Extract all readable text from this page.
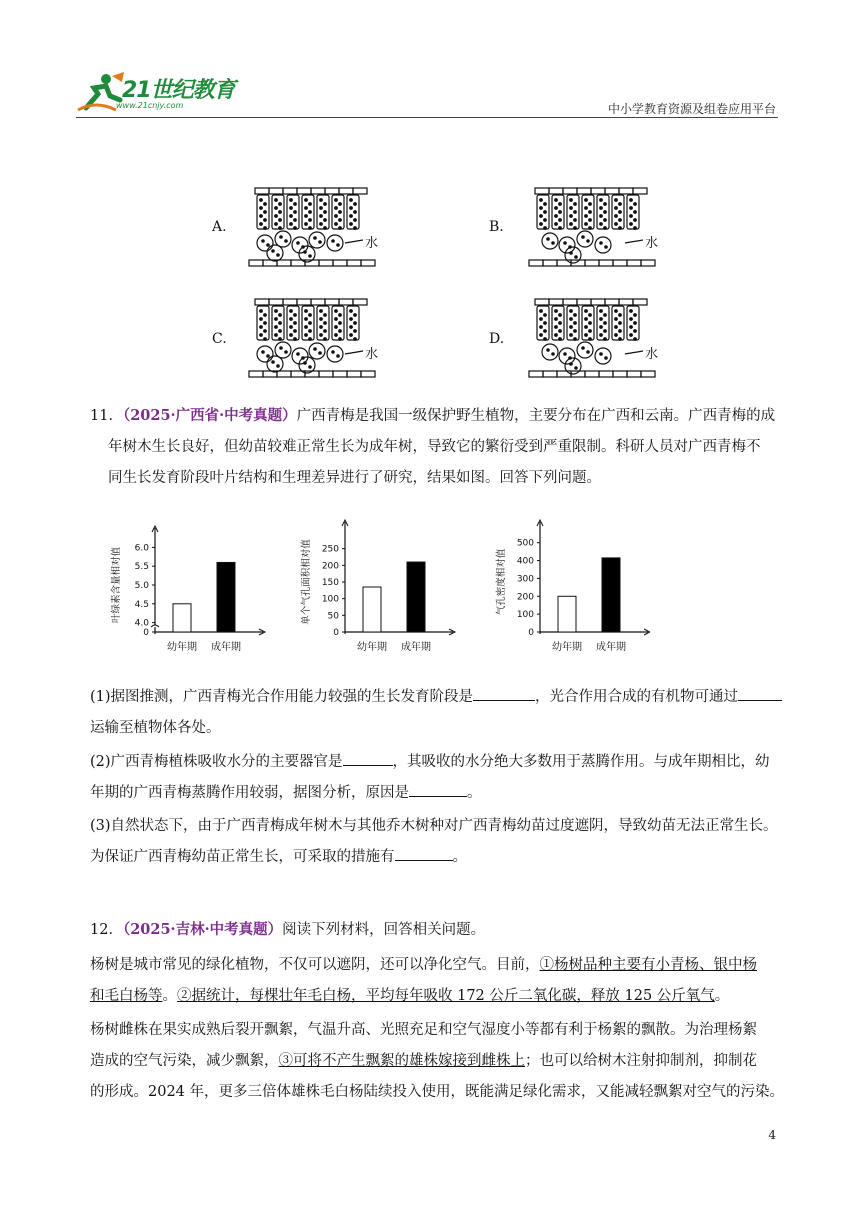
21世纪教育
www.21cnjy.com	中小学教育资源及组卷应用平台
A.	B.
C.	D.
水	水
水	水
11．（2025·广西省·中考真题）广西青梅是我国一级保护野生植物，主要分布在广西和云南。广西青梅的成
年树木生长良好，但幼苗较难正常生长为成年树，导致它的繁衍受到严重限制。科研人员对广西青梅不
同生长发育阶段叶片结构和生理差异进行了研究，结果如图。回答下列问题。
0
4.0
4.5
5.0
5.5
6.0
叶绿素含量相对值
幼年期 成年期
0
50
100
150
200
250
单个气孔面积相对值
幼年期 成年期
0
100
200
300
400
500
气孔密度相对值
幼年期 成年期
(1)据图推测，广西青梅光合作用能力较强的生长发育阶段是	，光合作用合成的有机物可通过
运输至植物体各处。
(2)广西青梅植株吸收水分的主要器官是	，其吸收的水分绝大多数用于蒸腾作用。与成年期相比，幼
年期的广西青梅蒸腾作用较弱，据图分析，原因是	。
(3)自然状态下，由于广西青梅成年树木与其他乔木树种对广西青梅幼苗过度遮阴，导致幼苗无法正常生长。
为保证广西青梅幼苗正常生长，可采取的措施有	。
12．（2025·吉林·中考真题）阅读下列材料，回答相关问题。
杨树是城市常见的绿化植物，不仅可以遮阴，还可以净化空气。目前，①杨树品种主要有小青杨、银中杨
和毛白杨等。②据统计，每棵壮年毛白杨，平均每年吸收 172 公斤二氧化碳，释放 125 公斤氧气。
杨树雌株在果实成熟后裂开飘絮，气温升高、光照充足和空气湿度小等都有利于杨絮的飘散。为治理杨絮
造成的空气污染，减少飘絮，③可将不产生飘絮的雄株嫁接到雌株上；也可以给树木注射抑制剂，抑制花
的形成。2024 年，更多三倍体雄株毛白杨陆续投入使用，既能满足绿化需求，又能减轻飘絮对空气的污染。
4
